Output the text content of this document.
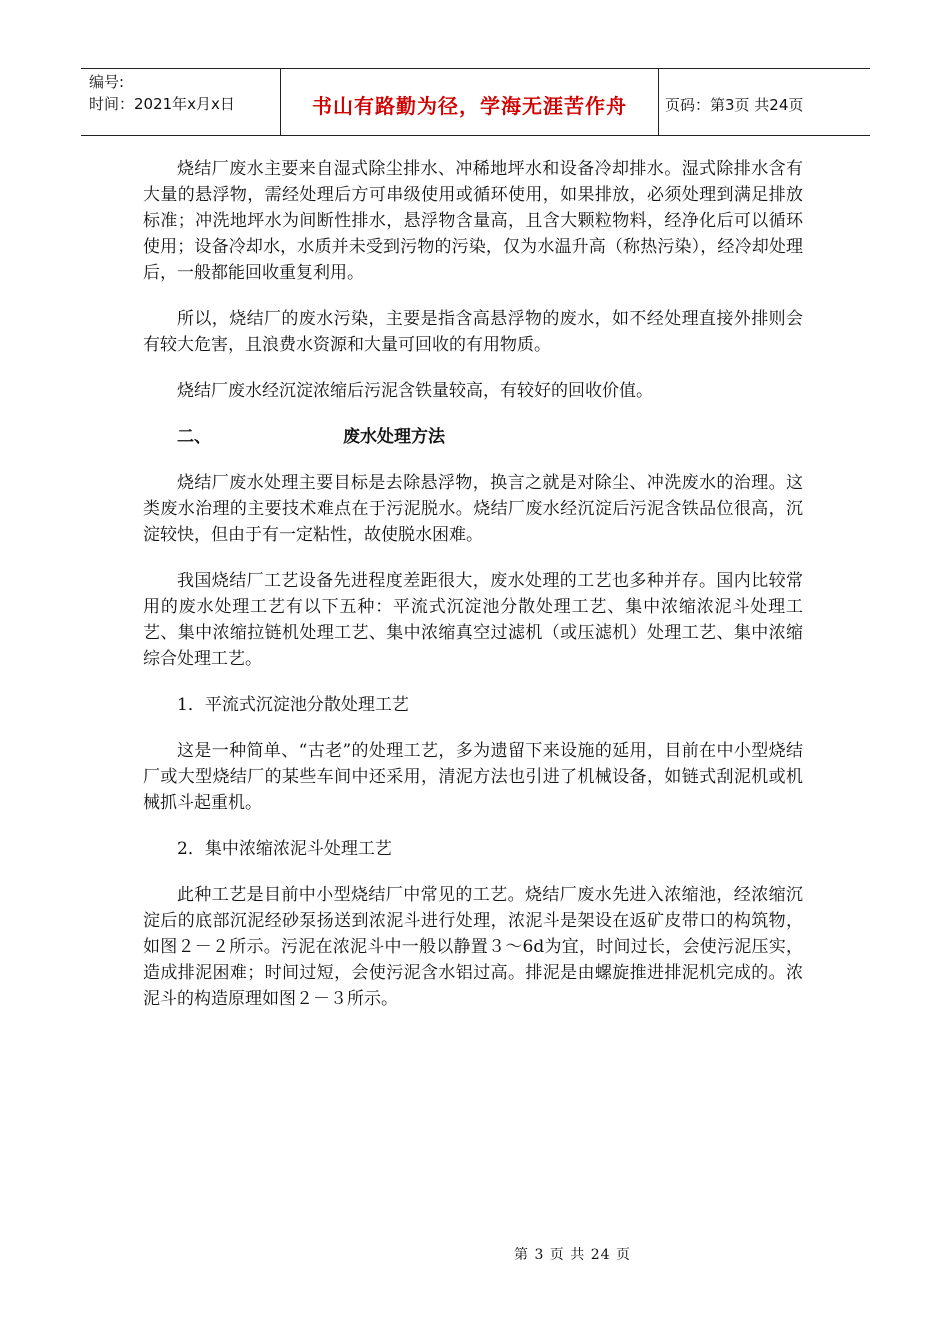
编号:
时间：2021年x月x日	书山有路勤为径，学海无涯苦作舟	页码：第3页 共24页

烧结厂废水主要来自湿式除尘排水、冲稀地坪水和设备冷却排水。湿式除排水含有大量的悬浮物，需经处理后方可串级使用或循环使用，如果排放，必须处理到满足排放标准；冲洗地坪水为间断性排水，悬浮物含量高，且含大颗粒物料，经净化后可以循环使用；设备冷却水，水质并未受到污物的污染，仅为水温升高（称热污染），经冷却处理后，一般都能回收重复利用。

所以，烧结厂的废水污染，主要是指含高悬浮物的废水，如不经处理直接外排则会有较大危害，且浪费水资源和大量可回收的有用物质。

烧结厂废水经沉淀浓缩后污泥含铁量较高，有较好的回收价值。

二、	废水处理方法

烧结厂废水处理主要目标是去除悬浮物，换言之就是对除尘、冲洗废水的治理。这类废水治理的主要技术难点在于污泥脱水。烧结厂废水经沉淀后污泥含铁品位很高，沉淀较快，但由于有一定粘性，故使脱水困难。

我国烧结厂工艺设备先进程度差距很大，废水处理的工艺也多种并存。国内比较常用的废水处理工艺有以下五种：平流式沉淀池分散处理工艺、集中浓缩浓泥斗处理工艺、集中浓缩拉链机处理工艺、集中浓缩真空过滤机（或压滤机）处理工艺、集中浓缩综合处理工艺。

1．平流式沉淀池分散处理工艺

这是一种简单、“古老”的处理工艺，多为遗留下来设施的延用，目前在中小型烧结厂或大型烧结厂的某些车间中还采用，清泥方法也引进了机械设备，如链式刮泥机或机械抓斗起重机。

2．集中浓缩浓泥斗处理工艺

此种工艺是目前中小型烧结厂中常见的工艺。烧结厂废水先进入浓缩池，经浓缩沉淀后的底部沉泥经砂泵扬送到浓泥斗进行处理，浓泥斗是架设在返矿皮带口的构筑物，如图２－２所示。污泥在浓泥斗中一般以静置３～6d为宜，时间过长，会使污泥压实，造成排泥困难；时间过短，会使污泥含水铝过高。排泥是由螺旋推进排泥机完成的。浓泥斗的构造原理如图２－３所示。

第 3 页 共 24 页
